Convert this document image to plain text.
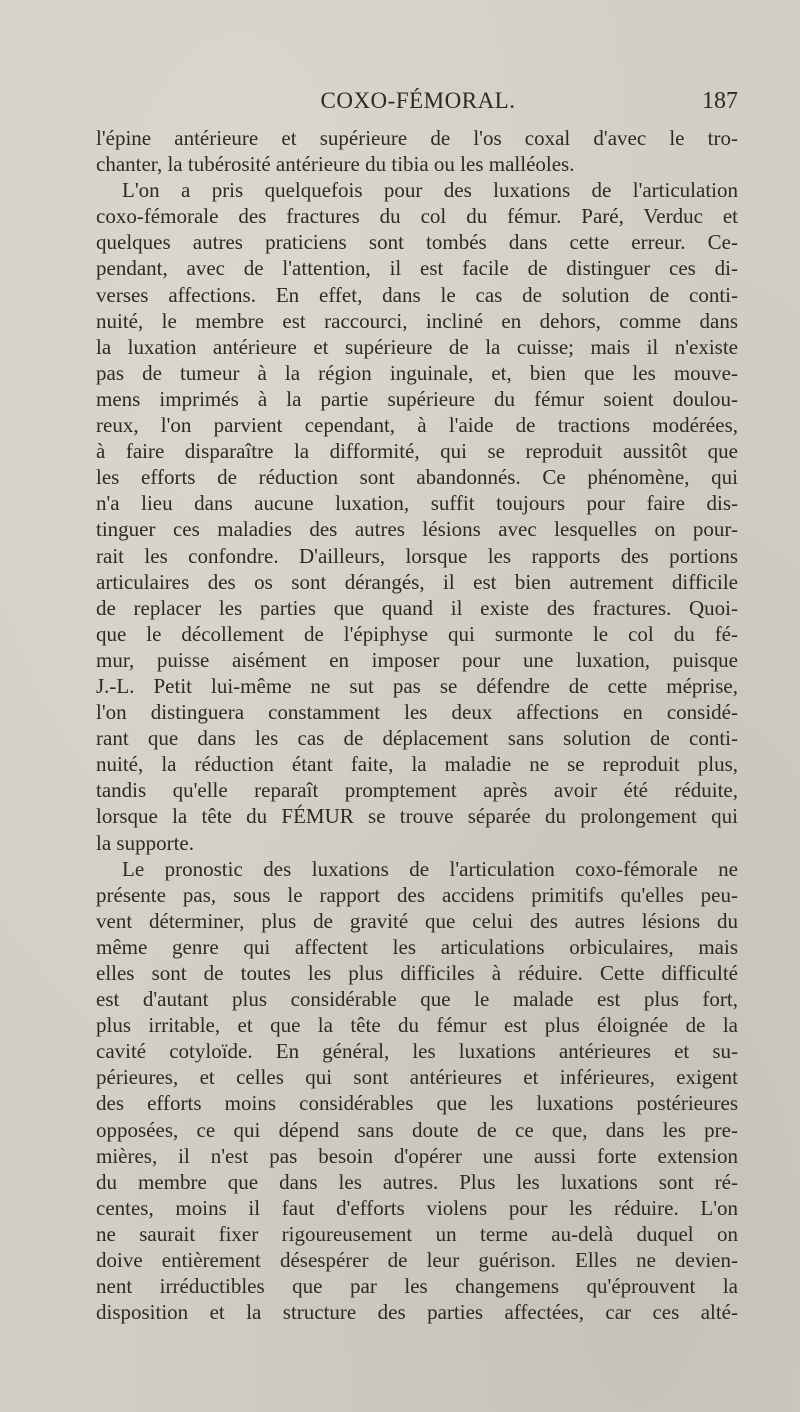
COXO-FÉMORAL.	187
l'épine antérieure et supérieure de l'os coxal d'avec le tro-
chanter, la tubérosité antérieure du tibia ou les malléoles.
L'on a pris quelquefois pour des luxations de l'articulation
coxo-fémorale des fractures du col du fémur. Paré, Verduc et
quelques autres praticiens sont tombés dans cette erreur. Ce-
pendant, avec de l'attention, il est facile de distinguer ces di-
verses affections. En effet, dans le cas de solution de conti-
nuité, le membre est raccourci, incliné en dehors, comme dans
la luxation antérieure et supérieure de la cuisse; mais il n'existe
pas de tumeur à la région inguinale, et, bien que les mouve-
mens imprimés à la partie supérieure du fémur soient doulou-
reux, l'on parvient cependant, à l'aide de tractions modérées,
à faire disparaître la difformité, qui se reproduit aussitôt que
les efforts de réduction sont abandonnés. Ce phénomène, qui
n'a lieu dans aucune luxation, suffit toujours pour faire dis-
tinguer ces maladies des autres lésions avec lesquelles on pour-
rait les confondre. D'ailleurs, lorsque les rapports des portions
articulaires des os sont dérangés, il est bien autrement difficile
de replacer les parties que quand il existe des fractures. Quoi-
que le décollement de l'épiphyse qui surmonte le col du fé-
mur, puisse aisément en imposer pour une luxation, puisque
J.-L. Petit lui-même ne sut pas se défendre de cette méprise,
l'on distinguera constamment les deux affections en considé-
rant que dans les cas de déplacement sans solution de conti-
nuité, la réduction étant faite, la maladie ne se reproduit plus,
tandis qu'elle reparaît promptement après avoir été réduite,
lorsque la tête du FÉMUR se trouve séparée du prolongement qui
la supporte.
Le pronostic des luxations de l'articulation coxo-fémorale ne
présente pas, sous le rapport des accidens primitifs qu'elles peu-
vent déterminer, plus de gravité que celui des autres lésions du
même genre qui affectent les articulations orbiculaires, mais
elles sont de toutes les plus difficiles à réduire. Cette difficulté
est d'autant plus considérable que le malade est plus fort,
plus irritable, et que la tête du fémur est plus éloignée de la
cavité cotyloïde. En général, les luxations antérieures et su-
périeures, et celles qui sont antérieures et inférieures, exigent
des efforts moins considérables que les luxations postérieures
opposées, ce qui dépend sans doute de ce que, dans les pre-
mières, il n'est pas besoin d'opérer une aussi forte extension
du membre que dans les autres. Plus les luxations sont ré-
centes, moins il faut d'efforts violens pour les réduire. L'on
ne saurait fixer rigoureusement un terme au-delà duquel on
doive entièrement désespérer de leur guérison. Elles ne devien-
nent irréductibles que par les changemens qu'éprouvent la
disposition et la structure des parties affectées, car ces alté-
